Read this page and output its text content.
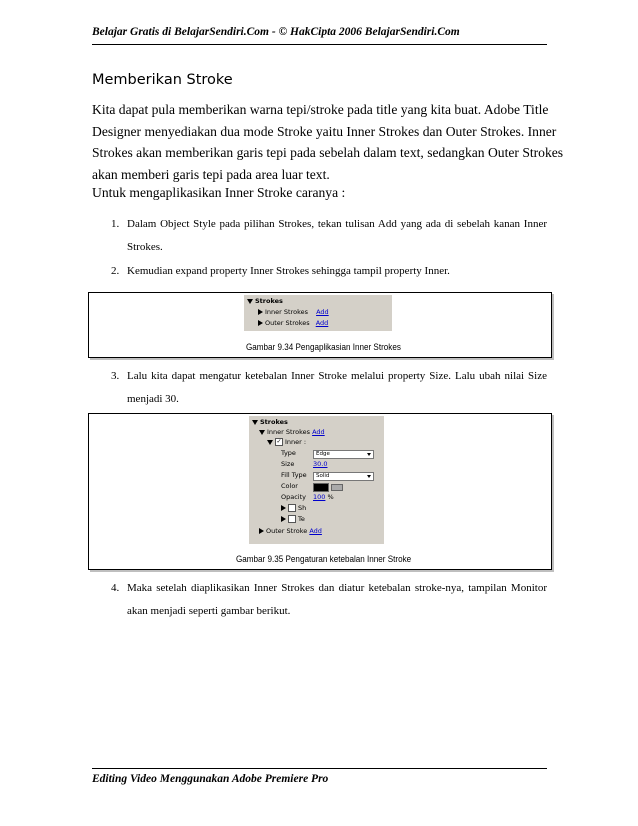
Belajar Gratis di BelajarSendiri.Com - © HakCipta 2006 BelajarSendiri.Com
Memberikan Stroke
Kita dapat pula memberikan warna tepi/stroke pada title yang kita buat. Adobe Title
Designer menyediakan dua mode Stroke yaitu Inner Strokes dan Outer Strokes. Inner
Strokes akan memberikan garis tepi pada sebelah dalam text, sedangkan Outer Strokes
akan memberi garis tepi pada area luar text.
Untuk mengaplikasikan Inner Stroke caranya :
1. Dalam Object Style pada pilihan Strokes, tekan tulisan Add yang ada di sebelah kanan Inner
Strokes.
2. Kemudian expand property Inner Strokes sehingga tampil property Inner.
Strokes
Inner Strokes Add
Outer Strokes Add
Gambar 9.34 Pengaplikasian Inner Strokes
3. Lalu kita dapat mengatur ketebalan Inner Stroke melalui property Size. Lalu ubah nilai Size
menjadi 30.
Strokes
Inner Strokes Add
✓ Inner :
Type	Edge
Size	30.0
Fill Type	Solid
Color
Opacity 100 %
Sh
Te
Outer Stroke Add
Gambar 9.35 Pengaturan ketebalan Inner Stroke
4. Maka setelah diaplikasikan Inner Strokes dan diatur ketebalan stroke-nya, tampilan Monitor
akan menjadi seperti gambar berikut.
Editing Video Menggunakan Adobe Premiere Pro
